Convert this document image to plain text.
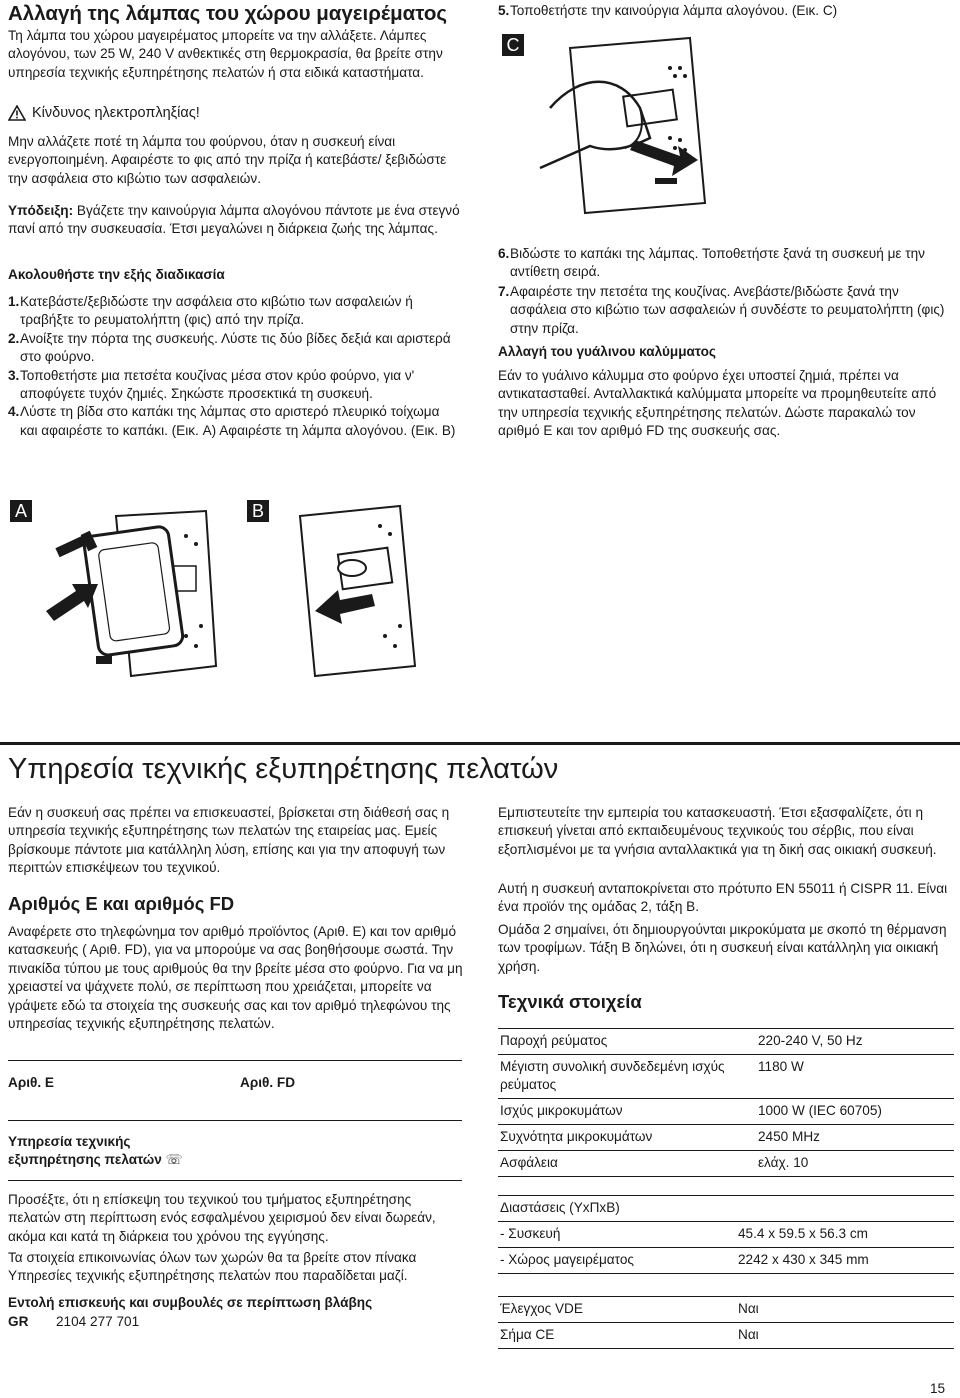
Αλλαγή της λάμπας του χώρου μαγειρέματος

Τη λάμπα του χώρου μαγειρέματος μπορείτε να την αλλάξετε. Λάμπες αλογόνου, των 25 W, 240 V ανθεκτικές στη θερμοκρασία, θα βρείτε στην υπηρεσία τεχνικής εξυπηρέτησης πελατών ή στα ειδικά καταστήματα.

Κίνδυνος ηλεκτροπληξίας!

Μην αλλάζετε ποτέ τη λάμπα του φούρνου, όταν η συσκευή είναι ενεργοποιημένη. Αφαιρέστε το φις από την πρίζα ή κατεβάστε/ ξεβιδώστε την ασφάλεια στο κιβώτιο των ασφαλειών.

Υπόδειξη: Βγάζετε την καινούργια λάμπα αλογόνου πάντοτε με ένα στεγνό πανί από την συσκευασία. Έτσι μεγαλώνει η διάρκεια ζωής της λάμπας.

Ακολουθήστε την εξής διαδικασία
1. Κατεβάστε/ξεβιδώστε την ασφάλεια στο κιβώτιο των ασφαλειών ή τραβήξτε το ρευματολήπτη (φις) από την πρίζα.
2. Ανοίξτε την πόρτα της συσκευής. Λύστε τις δύο βίδες δεξιά και αριστερά στο φούρνο.
3. Τοποθετήστε μια πετσέτα κουζίνας μέσα στον κρύο φούρνο, για ν' αποφύγετε τυχόν ζημιές. Σηκώστε προσεκτικά τη συσκευή.
4. Λύστε τη βίδα στο καπάκι της λάμπας στο αριστερό πλευρικό τοίχωμα και αφαιρέστε το καπάκι. (Εικ. A) Αφαιρέστε τη λάμπα αλογόνου. (Εικ. B)
5. Τοποθετήστε την καινούργια λάμπα αλογόνου. (Εικ. C)
C
6. Βιδώστε το καπάκι της λάμπας. Τοποθετήστε ξανά τη συσκευή με την αντίθετη σειρά.
7. Αφαιρέστε την πετσέτα της κουζίνας. Ανεβάστε/βιδώστε ξανά την ασφάλεια στο κιβώτιο των ασφαλειών ή συνδέστε το ρευματολήπτη (φις) στην πρίζα.
Αλλαγή του γυάλινου καλύμματος

Εάν το γυάλινο κάλυμμα στο φούρνο έχει υποστεί ζημιά, πρέπει να αντικατασταθεί. Ανταλλακτικά καλύμματα μπορείτε να προμηθευτείτε από την υπηρεσία τεχνικής εξυπηρέτησης πελατών. Δώστε παρακαλώ τον αριθμό E και τον αριθμό FD της συσκευής σας.

A	B
Υπηρεσία τεχνικής εξυπηρέτησης πελατών

Εάν η συσκευή σας πρέπει να επισκευαστεί, βρίσκεται στη διάθεσή σας η υπηρεσία τεχνικής εξυπηρέτησης των πελατών της εταιρείας μας. Εμείς βρίσκουμε πάντοτε μια κατάλληλη λύση, επίσης και για την αποφυγή των περιττών επισκέψεων του τεχνικού.

Αριθμός E και αριθμός FD

Αναφέρετε στο τηλεφώνημα τον αριθμό προϊόντος (Αριθ. E) και τον αριθμό κατασκευής ( Αριθ. FD), για να μπορούμε να σας βοηθήσουμε σωστά. Την πινακίδα τύπου με τους αριθμούς θα την βρείτε μέσα στο φούρνο. Για να μη χρειαστεί να ψάχνετε πολύ, σε περίπτωση που χρειάζεται, μπορείτε να γράψετε εδώ τα στοιχεία της συσκευής σας και τον αριθμό τηλεφώνου της υπηρεσίας τεχνικής εξυπηρέτησης πελατών.

Αριθ. E	Αριθ. FD
Υπηρεσία τεχνικής
εξυπηρέτησης πελατών ☏

Προσέξτε, ότι η επίσκεψη του τεχνικού του τμήματος εξυπηρέτησης πελατών στη περίπτωση ενός εσφαλμένου χειρισμού δεν είναι δωρεάν, ακόμα και κατά τη διάρκεια του χρόνου της εγγύησης.

Τα στοιχεία επικοινωνίας όλων των χωρών θα τα βρείτε στον πίνακα Υπηρεσίες τεχνικής εξυπηρέτησης πελατών που παραδίδεται μαζί.

Εντολή επισκευής και συμβουλές σε περίπτωση βλάβης
GR 2104 277 701

Εμπιστευτείτε την εμπειρία του κατασκευαστή. Έτσι εξασφαλίζετε, ότι η επισκευή γίνεται από εκπαιδευμένους τεχνικούς του σέρβις, που είναι εξοπλισμένοι με τα γνήσια ανταλλακτικά για τη δική σας οικιακή συσκευή.

Αυτή η συσκευή ανταποκρίνεται στο πρότυπο EN 55011 ή CISPR 11. Είναι ένα προϊόν της ομάδας 2, τάξη B.

Ομάδα 2 σημαίνει, ότι δημιουργούνται μικροκύματα με σκοπό τη θέρμανση των τροφίμων. Τάξη B δηλώνει, ότι η συσκευή είναι κατάλληλη για οικιακή χρήση.

Τεχνικά στοιχεία
Παροχή ρεύματος	220-240 V, 50 Hz
Μέγιστη συνολική συνδεδεμένη ισχύς ρεύματος	1180 W
Ισχύς μικροκυμάτων	1000 W (IEC 60705)
Συχνότητα μικροκυμάτων	2450 MHz
Ασφάλεια	ελάχ. 10
Διαστάσεις (ΥxΠxΒ)	
- Συσκευή	45.4 x 59.5 x 56.3 cm
- Χώρος μαγειρέματος	2242 x 430 x 345 mm
Έλεγχος VDE	Ναι
Σήμα CE	Ναι
15
